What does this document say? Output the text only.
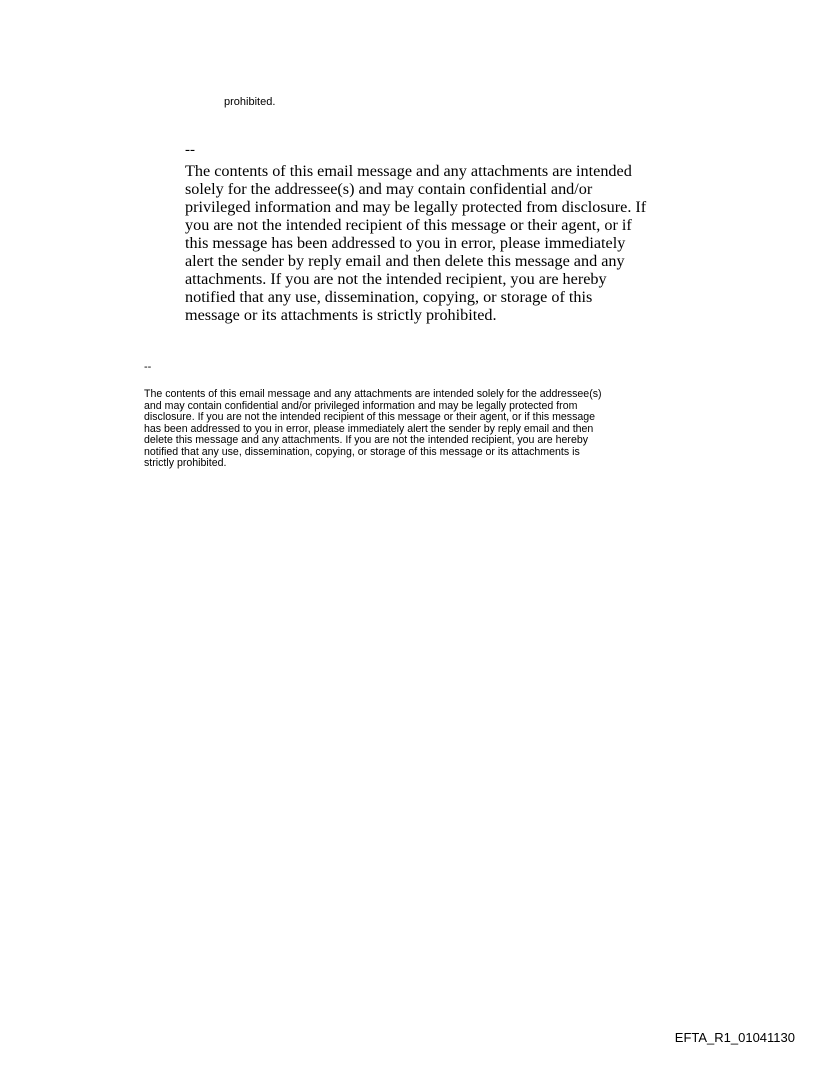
prohibited.
--
The contents of this email message and any attachments are intended
solely for the addressee(s) and may contain confidential and/or
privileged information and may be legally protected from disclosure. If
you are not the intended recipient of this message or their agent, or if
this message has been addressed to you in error, please immediately
alert the sender by reply email and then delete this message and any
attachments. If you are not the intended recipient, you are hereby
notified that any use, dissemination, copying, or storage of this
message or its attachments is strictly prohibited.
--
The contents of this email message and any attachments are intended solely for the addressee(s)
and may contain confidential and/or privileged information and may be legally protected from
disclosure. If you are not the intended recipient of this message or their agent, or if this message
has been addressed to you in error, please immediately alert the sender by reply email and then
delete this message and any attachments. If you are not the intended recipient, you are hereby
notified that any use, dissemination, copying, or storage of this message or its attachments is
strictly prohibited.
EFTA_R1_01041130
